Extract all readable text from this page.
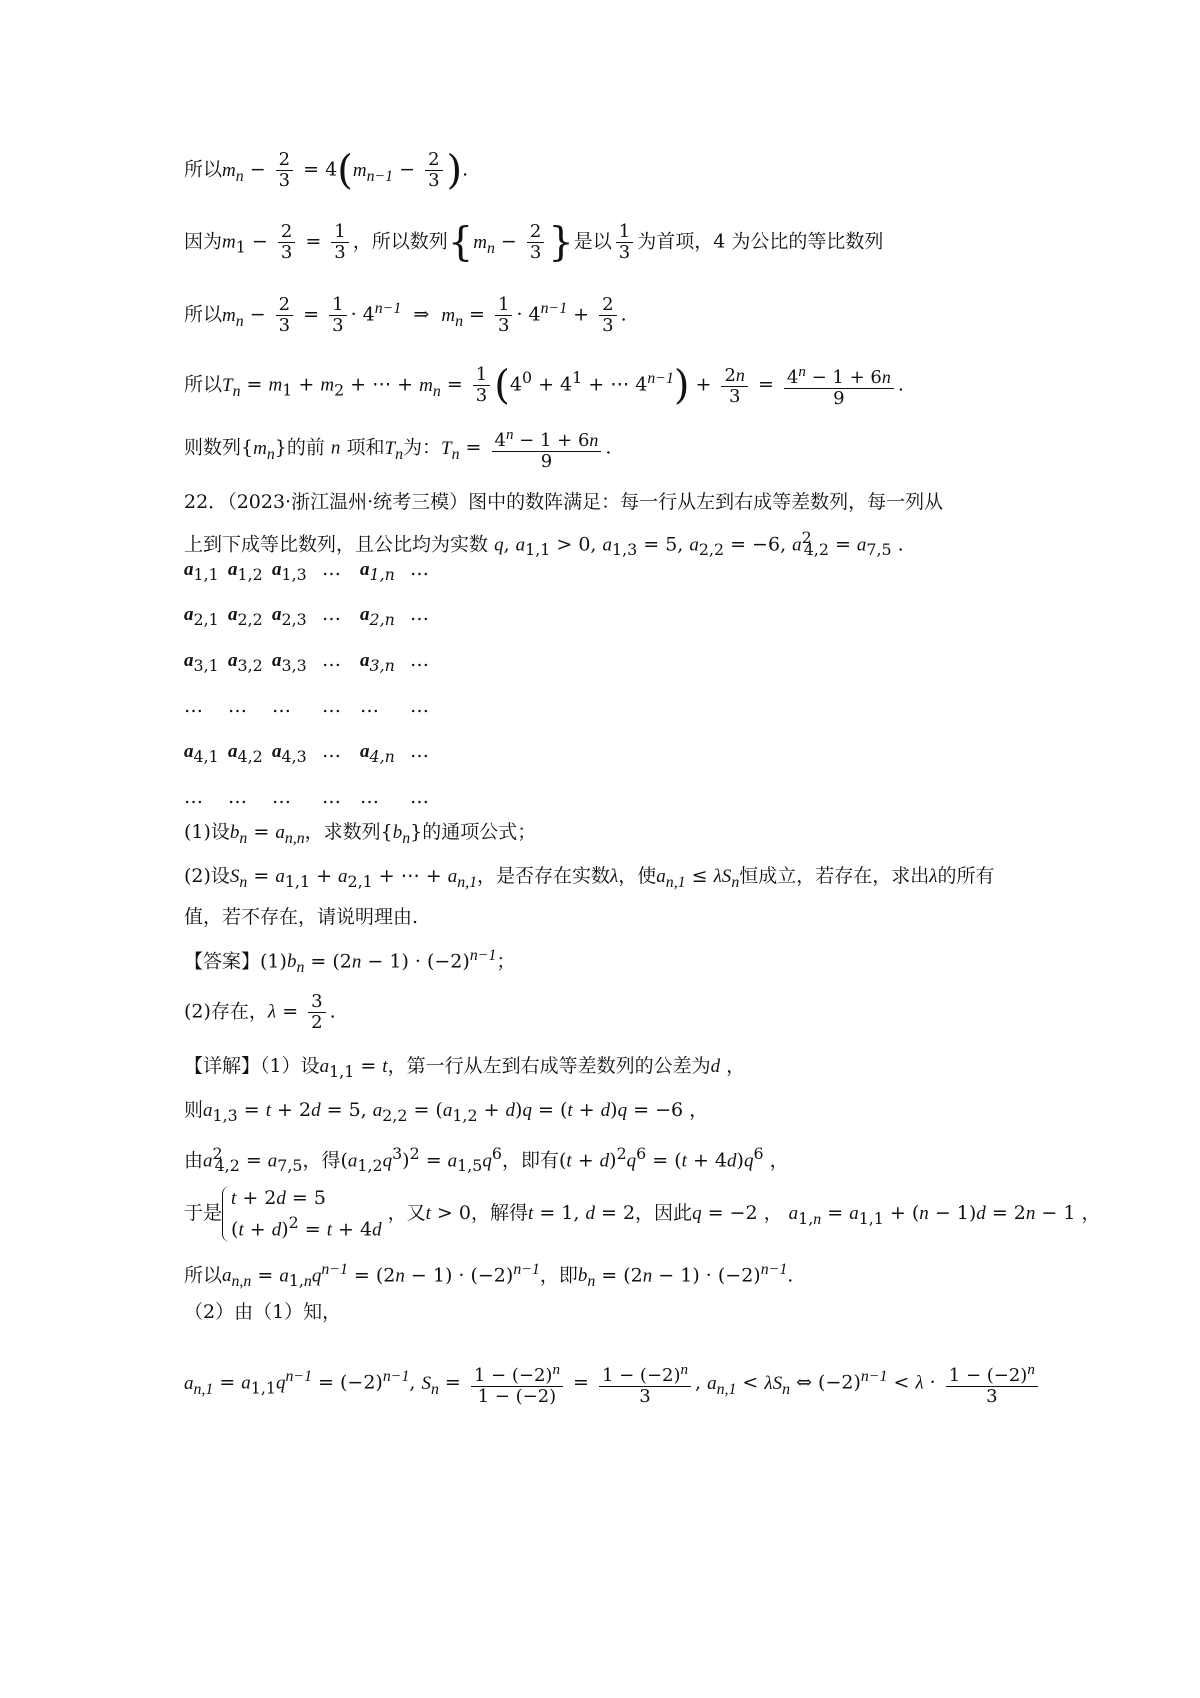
所以$m_n - \frac{2}{3} = 4(m_{n-1} - \frac{2}{3}$ ).
因为$m_1 - \frac{2}{3} = \frac{1}{3}$ ，所以数列{$m_n - \frac{2}{3}$ }是以 $\frac{1}{3}$ 为首项，4 为公比的等比数列
所以$m_n - \frac{2}{3} = \frac{1}{3} \cdot 4^{n-1}$  ⇒  $m_n = \frac{1}{3} \cdot 4^{n-1} + \frac{2}{3}$ .
所以$T_n = m_1 + m_2$ + ⋯ + $m_n = \frac{1}{3} (4^0 + 4^1$ + ⋯ $4^{n-1}) + \frac{2n}{3} = \frac{4^n - 1 + 6n}{9}$ .
则数列$\{m_n\}$的前 n 项和$T_n$为：$T_n = \frac{4^n - 1 + 6n}{9}$ .
22．（2023·浙江温州·统考三模）图中的数阵满足：每一行从左到右成等差数列，每一列从
上到下成等比数列，且公比均为实数 q, $a_{1,1} > 0$, $a_{1,3} = 5$, $a_{2,2} = -6$, $a^2_{4,2} = a_{7,5}$ .
$a_{1,1}$ $a_{1,2}$ $a_{1,3}$ … $a_{1,n}$ …
$a_{2,1}$ $a_{2,2}$ $a_{2,3}$ … $a_{2,n}$ …
$a_{3,1}$ $a_{3,2}$ $a_{3,3}$ … $a_{3,n}$ …
… … … … … …
$a_{4,1}$ $a_{4,2}$ $a_{4,3}$ … $a_{4,n}$ …
… … … … … …
(1)设$b_n = a_{n,n}$，求数列$\{b_n\}$的通项公式；
(2)设$S_n = a_{1,1} + a_{2,1}$ + ⋯ + $a_{n,1}$，是否存在实数λ，使$a_{n,1} \le \lambda S_n$恒成立，若存在，求出λ的所有
值，若不存在，请说明理由.
【答案】$(1)b_n = (2n - 1) \cdot (-2)^{n-1}$；
(2)存在，$\lambda = \frac{3}{2}$ .
【详解】（1）设$a_{1,1} = t$，第一行从左到右成等差数列的公差为d ，
则$a_{1,3} = t + 2d = 5$, $a_{2,2} = (a_{1,2} + d)q = (t + d)q = -6$ ，
由$a^2_{4,2} = a_{7,5}$，得$(a_{1,2}q^3)^2 = a_{1,5}q^6$，即有$(t + d)^2q^6 = (t + 4d)q^6$ ，
于是
t + 2d = 5
$(t + d)^2 = t + 4d$
，又t > 0，解得t = 1, d = 2，因此q = −2 ， $a_{1,n} = a_{1,1} + (n - 1)d = 2n - 1$ ，
所以$a_{n,n} = a_{1,n}q^{n-1} = (2n - 1) \cdot (-2)^{n-1}$，即$b_n = (2n - 1) \cdot (-2)^{n-1}$.
（2）由（1）知，
$a_{n,1} = a_{1,1}q^{n-1} = (-2)^{n-1}$, $S_n = \frac{1 - (-2)^n}{1 - (-2)} = \frac{1 - (-2)^n}{3}$ , $a_{n,1} < \lambda S_n$ ⇔ $(-2)^{n-1} < \lambda \cdot \frac{1 - (-2)^n}{3}$
